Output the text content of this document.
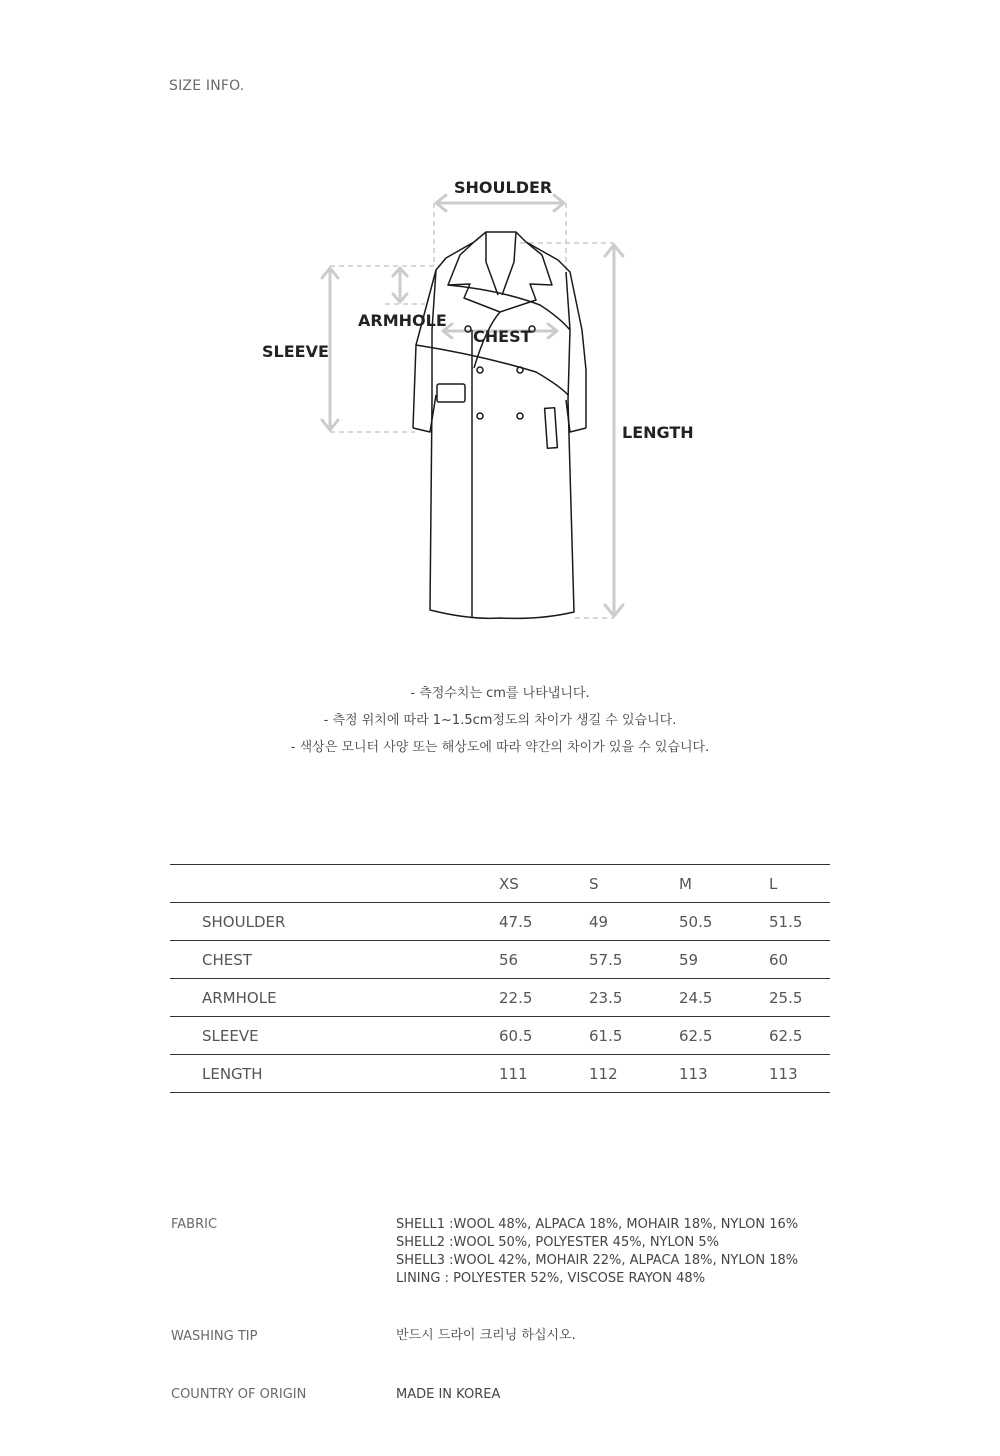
SIZE INFO.
SHOULDER
ARMHOLE
CHEST
SLEEVE
LENGTH
- 측정수치는 cm를 나타냅니다.
- 측정 위치에 따라 1~1.5cm정도의 차이가 생길 수 있습니다.
- 색상은 모니터 사양 또는 해상도에 따라 약간의 차이가 있을 수 있습니다.
	XS	S	M	L
SHOULDER	47.5	49	50.5	51.5
CHEST	56	57.5	59	60
ARMHOLE	22.5	23.5	24.5	25.5
SLEEVE	60.5	61.5	62.5	62.5
LENGTH	111	112	113	113
FABRIC	SHELL1 :WOOL 48%, ALPACA 18%, MOHAIR 18%, NYLON 16%
SHELL2 :WOOL 50%, POLYESTER 45%, NYLON 5%
SHELL3 :WOOL 42%, MOHAIR 22%, ALPACA 18%, NYLON 18%
LINING : POLYESTER 52%, VISCOSE RAYON 48%
WASHING TIP	반드시 드라이 크리닝 하십시오.
COUNTRY OF ORIGIN	MADE IN KOREA
